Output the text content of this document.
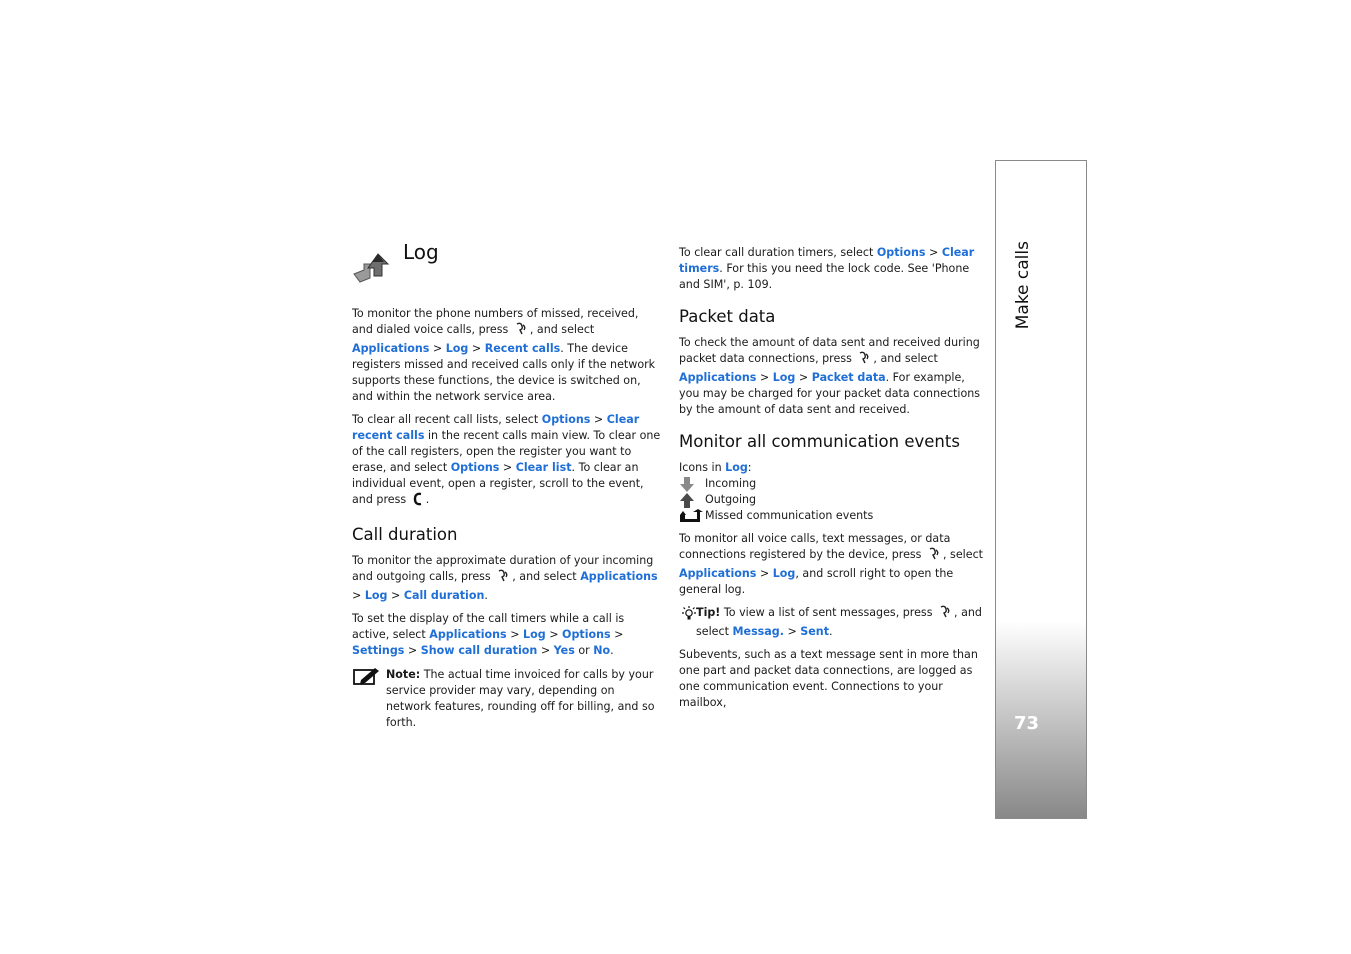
Log

To monitor the phone numbers of missed, received, and dialed voice calls, press , and select Applications > Log > Recent calls. The device registers missed and received calls only if the network supports these functions, the device is switched on, and within the network service area.

To clear all recent call lists, select Options > Clear recent calls in the recent calls main view. To clear one of the call registers, open the register you want to erase, and select Options > Clear list. To clear an individual event, open a register, scroll to the event, and press .

Call duration

To monitor the approximate duration of your incoming and outgoing calls, press , and select Applications > Log > Call duration.

To set the display of the call timers while a call is active, select Applications > Log > Options > Settings > Show call duration > Yes or No.

Note: The actual time invoiced for calls by your service provider may vary, depending on network features, rounding off for billing, and so forth.

To clear call duration timers, select Options > Clear timers. For this you need the lock code. See 'Phone and SIM', p. 109.

Packet data

To check the amount of data sent and received during packet data connections, press , and select Applications > Log > Packet data. For example, you may be charged for your packet data connections by the amount of data sent and received.

Monitor all communication events
Icons in Log:
Incoming
Outgoing
Missed communication events

To monitor all voice calls, text messages, or data connections registered by the device, press , select Applications > Log, and scroll right to open the general log.

Tip! To view a list of sent messages, press , and select Messag. > Sent.

Subevents, such as a text message sent in more than one part and packet data connections, are logged as one communication event. Connections to your mailbox,

Make calls
73
